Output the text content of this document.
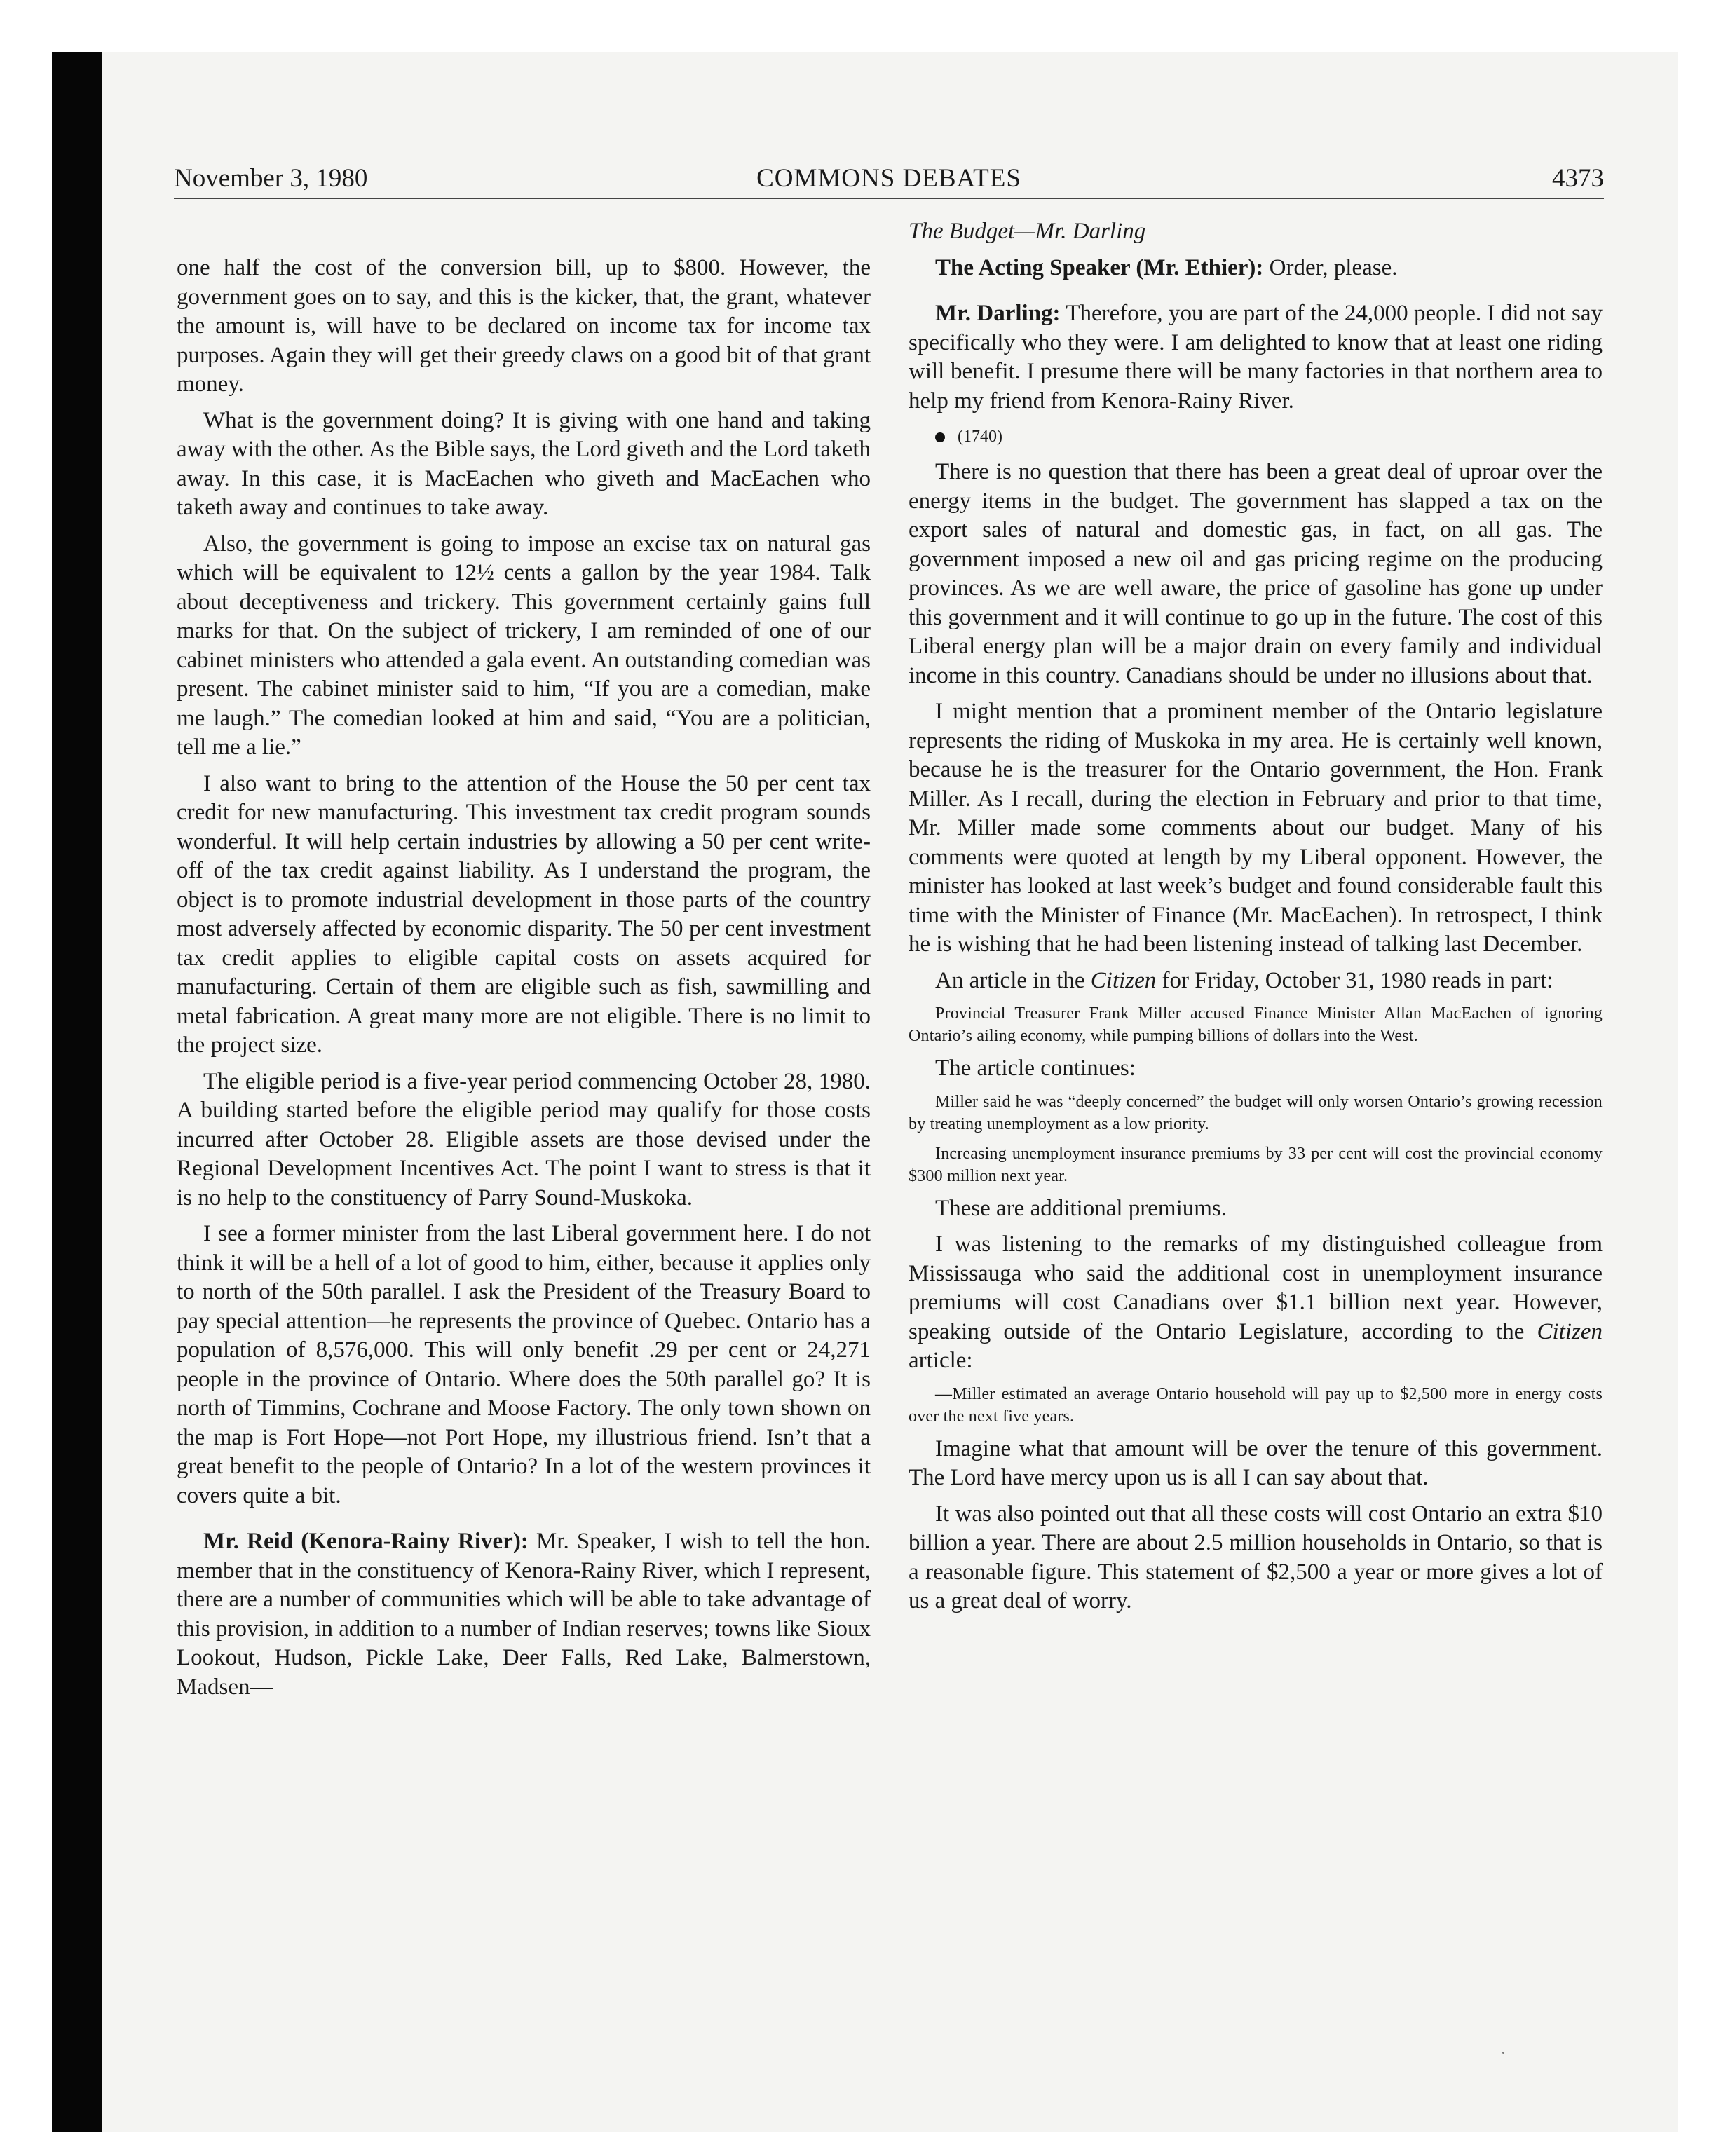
November 3, 1980	COMMONS DEBATES	4373

one half the cost of the conversion bill, up to $800. However, the government goes on to say, and this is the kicker, that, the grant, whatever the amount is, will have to be declared on income tax for income tax purposes. Again they will get their greedy claws on a good bit of that grant money.

What is the government doing? It is giving with one hand and taking away with the other. As the Bible says, the Lord giveth and the Lord taketh away. In this case, it is MacEachen who giveth and MacEachen who taketh away and continues to take away.

Also, the government is going to impose an excise tax on natural gas which will be equivalent to 12½ cents a gallon by the year 1984. Talk about deceptiveness and trickery. This government certainly gains full marks for that. On the subject of trickery, I am reminded of one of our cabinet ministers who attended a gala event. An outstanding comedian was present. The cabinet minister said to him, “If you are a comedian, make me laugh.” The comedian looked at him and said, “You are a politician, tell me a lie.”

I also want to bring to the attention of the House the 50 per cent tax credit for new manufacturing. This investment tax credit program sounds wonderful. It will help certain industries by allowing a 50 per cent write-off of the tax credit against liability. As I understand the program, the object is to promote industrial development in those parts of the country most adversely affected by economic disparity. The 50 per cent investment tax credit applies to eligible capital costs on assets acquired for manufacturing. Certain of them are eligible such as fish, sawmilling and metal fabrication. A great many more are not eligible. There is no limit to the project size.

The eligible period is a five-year period commencing October 28, 1980. A building started before the eligible period may qualify for those costs incurred after October 28. Eligible assets are those devised under the Regional Development Incentives Act. The point I want to stress is that it is no help to the constituency of Parry Sound-Muskoka.

I see a former minister from the last Liberal government here. I do not think it will be a hell of a lot of good to him, either, because it applies only to north of the 50th parallel. I ask the President of the Treasury Board to pay special attention—he represents the province of Quebec. Ontario has a population of 8,576,000. This will only benefit .29 per cent or 24,271 people in the province of Ontario. Where does the 50th parallel go? It is north of Timmins, Cochrane and Moose Factory. The only town shown on the map is Fort Hope—not Port Hope, my illustrious friend. Isn’t that a great benefit to the people of Ontario? In a lot of the western provinces it covers quite a bit.

Mr. Reid (Kenora-Rainy River): Mr. Speaker, I wish to tell the hon. member that in the constituency of Kenora-Rainy River, which I represent, there are a number of communities which will be able to take advantage of this provision, in addition to a number of Indian reserves; towns like Sioux Lookout, Hudson, Pickle Lake, Deer Falls, Red Lake, Balmerstown, Madsen—

The Budget—Mr. Darling

The Acting Speaker (Mr. Ethier): Order, please.

Mr. Darling: Therefore, you are part of the 24,000 people. I did not say specifically who they were. I am delighted to know that at least one riding will benefit. I presume there will be many factories in that northern area to help my friend from Kenora-Rainy River.

(1740)

There is no question that there has been a great deal of uproar over the energy items in the budget. The government has slapped a tax on the export sales of natural and domestic gas, in fact, on all gas. The government imposed a new oil and gas pricing regime on the producing provinces. As we are well aware, the price of gasoline has gone up under this government and it will continue to go up in the future. The cost of this Liberal energy plan will be a major drain on every family and individual income in this country. Canadians should be under no illusions about that.

I might mention that a prominent member of the Ontario legislature represents the riding of Muskoka in my area. He is certainly well known, because he is the treasurer for the Ontario government, the Hon. Frank Miller. As I recall, during the election in February and prior to that time, Mr. Miller made some comments about our budget. Many of his comments were quoted at length by my Liberal opponent. However, the minister has looked at last week’s budget and found considerable fault this time with the Minister of Finance (Mr. MacEachen). In retrospect, I think he is wishing that he had been listening instead of talking last December.

An article in the Citizen for Friday, October 31, 1980 reads in part:

Provincial Treasurer Frank Miller accused Finance Minister Allan MacEachen of ignoring Ontario’s ailing economy, while pumping billions of dollars into the West.

The article continues:

Miller said he was “deeply concerned” the budget will only worsen Ontario’s growing recession by treating unemployment as a low priority.

Increasing unemployment insurance premiums by 33 per cent will cost the provincial economy $300 million next year.

These are additional premiums.

I was listening to the remarks of my distinguished colleague from Mississauga who said the additional cost in unemployment insurance premiums will cost Canadians over $1.1 billion next year. However, speaking outside of the Ontario Legislature, according to the Citizen article:

—Miller estimated an average Ontario household will pay up to $2,500 more in energy costs over the next five years.

Imagine what that amount will be over the tenure of this government. The Lord have mercy upon us is all I can say about that.

It was also pointed out that all these costs will cost Ontario an extra $10 billion a year. There are about 2.5 million households in Ontario, so that is a reasonable figure. This statement of $2,500 a year or more gives a lot of us a great deal of worry.
